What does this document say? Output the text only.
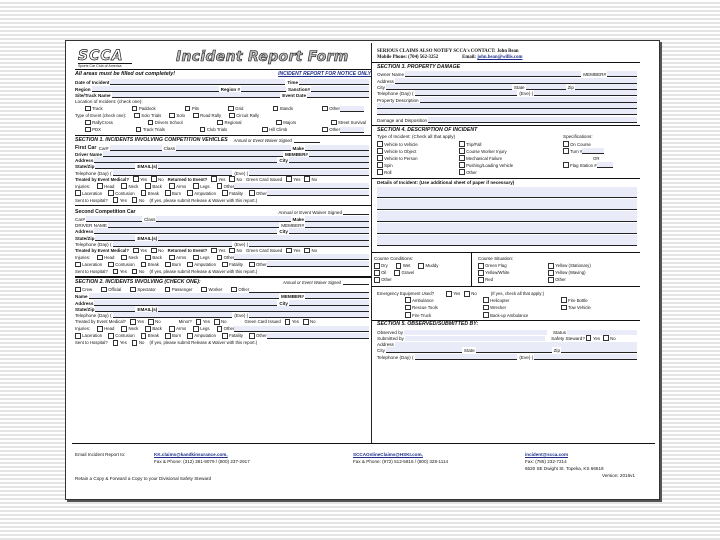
SCCA
Sports Car Club of America
Incident Report Form
All areas must be filled out completely!	INCIDENT REPORT FOR NOTICE ONLY
Date of Incident	Time
Region	Region #	Sanction#
Site/Track Name	Event Date
Location of Incident: (check one):
Track	Paddock	Pits	Grid	Stands	Other
Type of Event (check one):	Solo Trials	Solo	Road Rally	Circuit Rally
RallyCross	Drivers School	Regional	Majors	Street Survival
PDX	Track Trials	Club Trials	Hill Climb	Other
SECTION 1. INCIDENTS INVOLVING COMPETITION VEHICLES Annual or Event Waiver Signed
First Car
Car#	Class	Make
Driver Name	MEMBER#
Address	City
State/Zip	EMAIL(s)
Telephone (Day) (	(Eve) (
Treated by Event Medical?	Yes	No Returned to Event?	Yes	No Green Card Issued	Yes	No
Injuries:	Head	Neck	Back	Arms	Legs	Other
Laceration	Contusion	Break	Burn	Amputation	Fatality	Other
Sent to Hospital?	Yes	No (If yes, please submit Release & Waiver with this report.)
Second Competition Car	Annual or Event Waiver Signed
Car#	Class	Make
DRIVER NAME	MEMBER#
Address	City
State/Zip	EMAIL(s)
Telephone (Day) (	(Eve) (
Treated by Event Medical?	Yes	No Returned to Event?	Yes	No Green Card Issued	Yes	No
Injuries:	Head	Neck	Back	Arms	Legs	Other
Laceration	Contusion	Break	Burn	Amputation	Fatality	Other
Sent to Hospital?	Yes	No (If yes, please submit Release & Waiver with this report.)
SECTION 2. INCIDENTS INVOLVING (CHECK ONE):	Annual or Event Waiver Signed
Crew	Official	Spectator	Passenger	Worker	Other
Name	MEMBER#
Address	City
State/Zip	EMAIL(s)
Telephone (Day) (	(Eve) (
Treated by Event Medical?	Yes	No	Minor?	Yes	No	Green Card Issued	Yes	No
Injuries:	Head	Neck	Back	Arms	Legs	Other
Laceration	Contusion	Break	Burn	Amputation	Fatality	Other
Sent to Hospital?	Yes	No (If yes, please submit Release & Waiver with this report.)
SERIOUS CLAIMS ALSO NOTIFY SCCA's CONTACT: John Bean
Mobile Phone: (704) 562-3252	Email: john.bean@willis.com
SECTION 3. PROPERTY DAMAGE
Owner Name	MEMBER#
Address
City	State	Zip
Telephone (Day) (	(Eve) (
Property Description
Damage and Disposition
SECTION 4. DESCRIPTION OF INCIDENT
Type of Incident: (Check all that apply)
Vehicle to Vehicle
Vehicle to Object
Vehicle to Person
Spin
Roll

Trip/Fall
Course Worker Injury
Mechanical Failure
Pushing/Loading Vehicle
Other
Specifications:
On Course
Turn #
OR
Flag Station #
Details of Incident: (Use additional sheet of paper if necessary)
Course Conditions:
Dry	Wet	Muddy
Oil	Gravel
Other
Course Situation:
Green Flag	Yellow (Stationary)
Yellow/White	Yellow (Waving)
Red	Other
Emergency Equipment Used?	Yes	No	(If yes, check all that apply:)
Ambulance	Helicopter	Fire Bottle
Rescue Tools	Wrecker	Tow Vehicle
Fire Truck	Back-up Ambulance
SECTION 5. OBSERVED/SUBMITTED BY:
Observed by	Status
Submitted by	Safety Steward? Yes No
Address
City	State	Zip
Telephone (Day) (	(Eve) (
Email Incident Report to:	KK.claims@kandkinsurance.com,
Fax & Phone: (312) 381-9079 / (800) 237-2917
SCCAOnlineClaims@HSKI.com,
Fax & Phone: (972) 512-5816 / (800) 328-1114
incident@scca.com
Fax: (785) 232-7214
6620 SE Dwight St. Topeka, KS 66619
Version: 2016v1
Retain a Copy & Forward a Copy to your Divisional Safety Steward
